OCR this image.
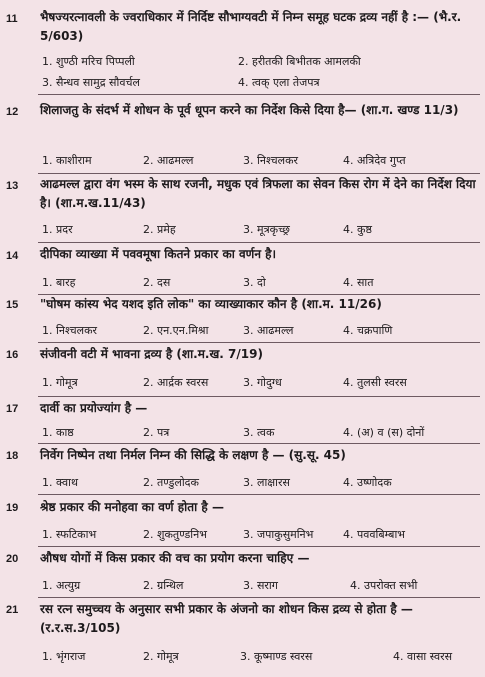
11 भैषज्यरत्नावली के ज्वराधिकार में निर्दिष्ट सौभाग्यवटी में निम्न समूह घटक द्रव्य नहीं है :— (भै.र. 5/603)
1. शुण्ठी मरिच पिप्पली	2. हरीतकी बिभीतक आमलकी
3. सैन्धव सामुद्र सौवर्चल	4. त्वक् एला तेजपत्र
12 शिलाजतु के संदर्भ में शोधन के पूर्व धूपन करने का निर्देश किसे दिया है— (शा.ग. खण्ड 11/3)
1. काशीराम	2. आढमल्ल	3. निश्चलकर	4. अत्रिदेव गुप्त
13 आढमल्ल द्वारा वंग भस्म के साथ रजनी, मधुक एवं त्रिफला का सेवन किस रोग में देने का निर्देश दिया है। (शा.म.ख.11/43)
1. प्रदर	2. प्रमेह	3. मूत्रकृच्छ्र	4. कुष्ठ
14 दीपिका व्याख्या में पववमूषा कितने प्रकार का वर्णन है।
1. बारह	2. दस	3. दो	4. सात
15 "घोषम कांस्य भेद यशद इति लोक" का व्याख्याकार कौन है (शा.म. 11/26)
1. निश्चलकर	2. एन.एन.मिश्रा	3. आढमल्ल	4. चक्रपाणि
16 संजीवनी वटी में भावना द्रव्य है (शा.म.ख. 7/19)
1. गोमूत्र	2. आर्द्रक स्वरस	3. गोदुग्ध	4. तुलसी स्वरस
17 दार्वी का प्रयोज्यांग है —
1. काष्ठ	2. पत्र	3. त्वक	4. (अ) व (स) दोनों
18 निर्वेग निष्पेन तथा निर्मल निम्न की सिद्धि के लक्षण है — (सु.सू. 45)
1. क्वाथ	2. तण्डुलोदक	3. लाक्षारस	4. उष्णोदक
19 श्रेष्ठ प्रकार की मनोहवा का वर्ण होता है —
1. स्फटिकाभ	2. शुकतुण्डनिभ	3. जपाकुसुमनिभ	4. पववबिम्बाभ
20 औषध योगों में किस प्रकार की वच का प्रयोग करना चाहिए —
1. अत्युग्र	2. ग्रन्थिल	3. सराग	4. उपरोक्त सभी
21 रस रत्न समुच्चय के अनुसार सभी प्रकार के अंजनो का शोधन किस द्रव्य से होता है — (र.र.स.3/105)
1. भृंगराज	2. गोमूत्र	3. कूष्माण्ड स्वरस	4. वासा स्वरस
